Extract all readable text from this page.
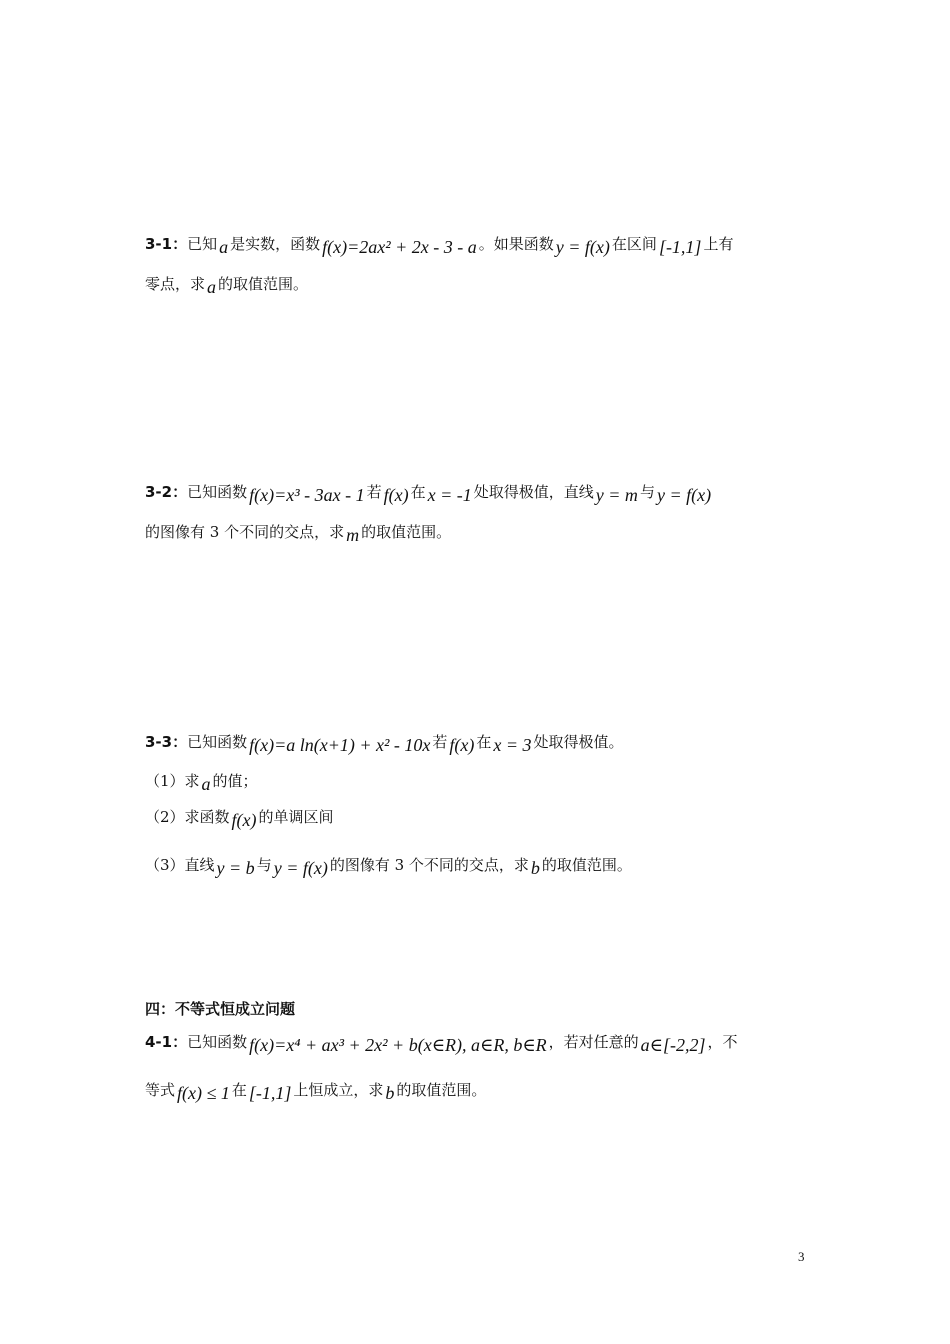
3-1：已知 a 是实数，函数 f(x)=2ax² + 2x - 3 - a 。如果函数 y = f(x) 在区间 [-1,1] 上有
零点，求 a 的取值范围。
3-2：已知函数 f(x)=x³ - 3ax - 1 若 f(x) 在 x = -1 处取得极值，直线 y = m 与 y = f(x)
的图像有 3 个不同的交点，求 m 的取值范围。
3-3：已知函数 f(x)=a ln(x+1) + x² - 10x 若 f(x) 在 x = 3 处取得极值。
（1）求 a 的值；
（2）求函数 f(x) 的单调区间
（3）直线 y = b 与 y = f(x) 的图像有 3 个不同的交点，求 b 的取值范围。
四：不等式恒成立问题
4-1：已知函数 f(x)=x⁴ + ax³ + 2x² + b(x∈R), a∈R, b∈R ，若对任意的 a∈[-2,2] ，不
等式 f(x) ≤ 1 在 [-1,1] 上恒成立，求 b 的取值范围。
3
